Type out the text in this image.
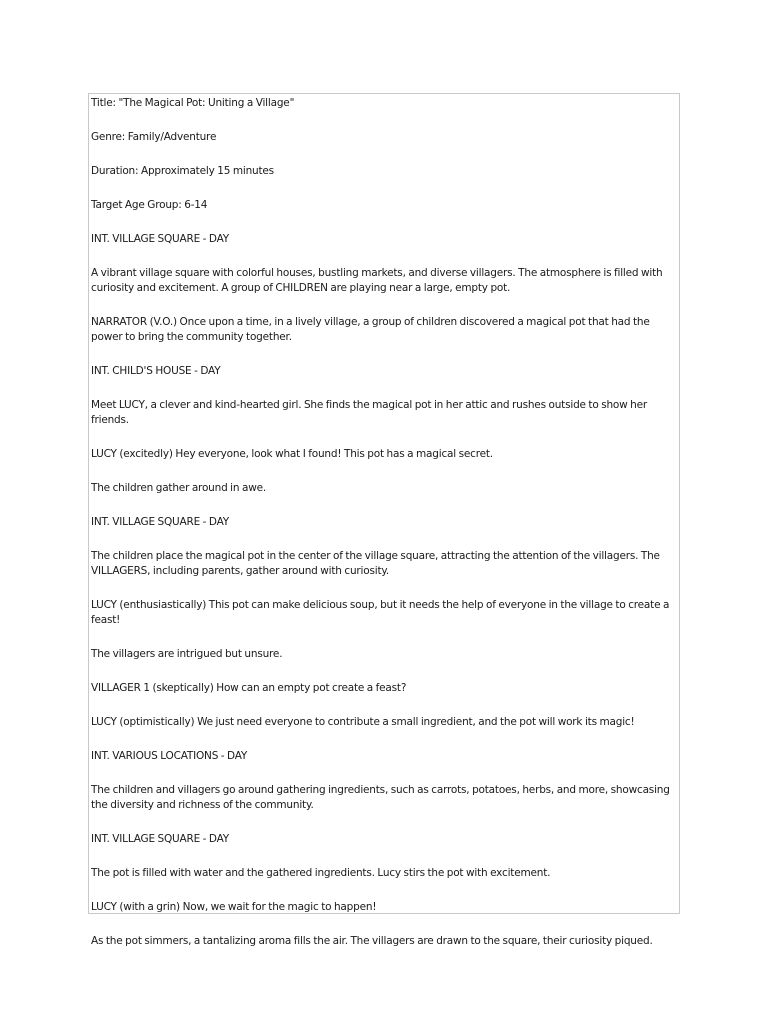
Title: "The Magical Pot: Uniting a Village"

Genre: Family/Adventure

Duration: Approximately 15 minutes

Target Age Group: 6-14

INT. VILLAGE SQUARE - DAY

A vibrant village square with colorful houses, bustling markets, and diverse villagers. The atmosphere is filled with curiosity and excitement. A group of CHILDREN are playing near a large, empty pot.

NARRATOR (V.O.) Once upon a time, in a lively village, a group of children discovered a magical pot that had the power to bring the community together.

INT. CHILD'S HOUSE - DAY

Meet LUCY, a clever and kind-hearted girl. She finds the magical pot in her attic and rushes outside to show her friends.

LUCY (excitedly) Hey everyone, look what I found! This pot has a magical secret.

The children gather around in awe.

INT. VILLAGE SQUARE - DAY

The children place the magical pot in the center of the village square, attracting the attention of the villagers. The VILLAGERS, including parents, gather around with curiosity.

LUCY (enthusiastically) This pot can make delicious soup, but it needs the help of everyone in the village to create a feast!

The villagers are intrigued but unsure.

VILLAGER 1 (skeptically) How can an empty pot create a feast?

LUCY (optimistically) We just need everyone to contribute a small ingredient, and the pot will work its magic!

INT. VARIOUS LOCATIONS - DAY

The children and villagers go around gathering ingredients, such as carrots, potatoes, herbs, and more, showcasing the diversity and richness of the community.

INT. VILLAGE SQUARE - DAY

The pot is filled with water and the gathered ingredients. Lucy stirs the pot with excitement.

LUCY (with a grin) Now, we wait for the magic to happen!

As the pot simmers, a tantalizing aroma fills the air. The villagers are drawn to the square, their curiosity piqued.
